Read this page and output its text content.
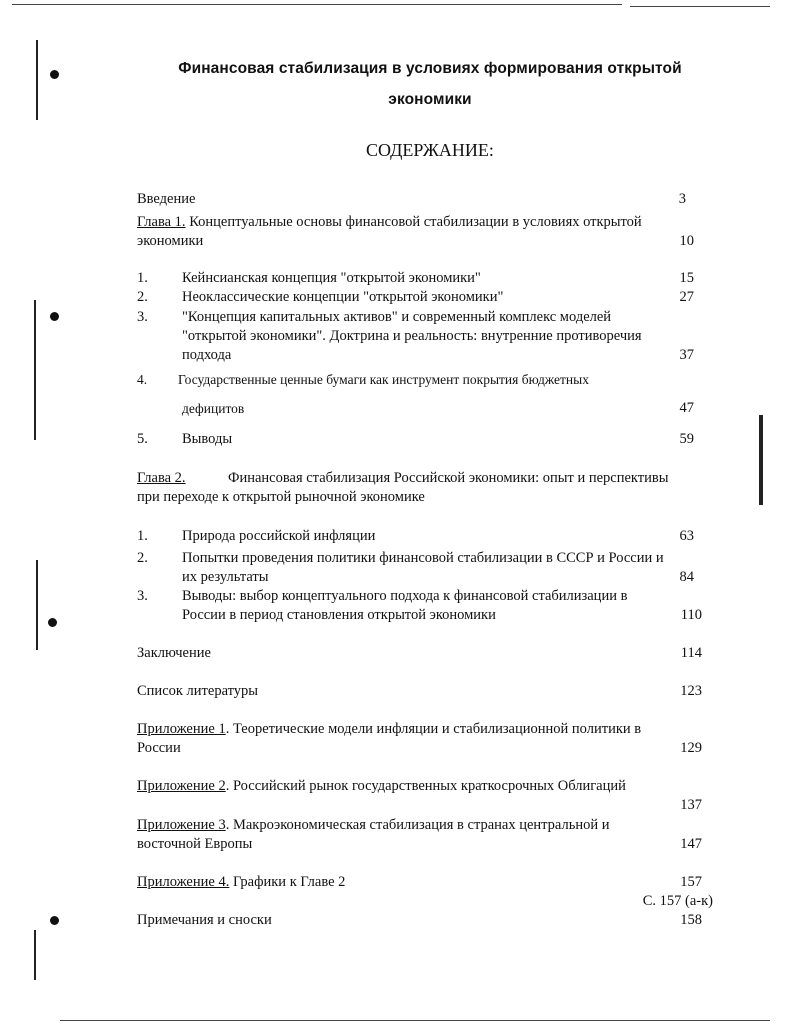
Финансовая стабилизация в условиях формирования открытой
экономики
СОДЕРЖАНИЕ:
Введение	3
Глава 1. Концептуальные основы финансовой стабилизации в условиях открытой
экономики	10
1. Кейнсианская концепция "открытой экономики"	15
2. Неоклассические концепции "открытой экономики"	27
3. "Концепция капитальных активов" и современный комплекс моделей
"открытой экономики". Доктрина и реальность: внутренние противоречия
подхода	37
4. Государственные ценные бумаги как инструмент покрытия бюджетных
дефицитов	47
5. Выводы	59
Глава 2.	Финансовая стабилизация Российской экономики: опыт и перспективы
при переходе к открытой рыночной экономике
1. Природа российской инфляции	63
2. Попытки проведения политики финансовой стабилизации в СССР и России и
их результаты	84
3. Выводы: выбор концептуального подхода к финансовой стабилизации в
России в период становления открытой экономики	110
Заключение	114
Список литературы	123
Приложение 1. Теоретические модели инфляции и стабилизационной политики в
России	129
Приложение 2. Российский рынок государственных краткосрочных Облигаций
137
Приложение 3. Макроэкономическая стабилизация в странах центральной и
восточной Европы	147
Приложение 4. Графики к Главе 2	157
С. 157 (а-к)
Примечания и сноски	158
